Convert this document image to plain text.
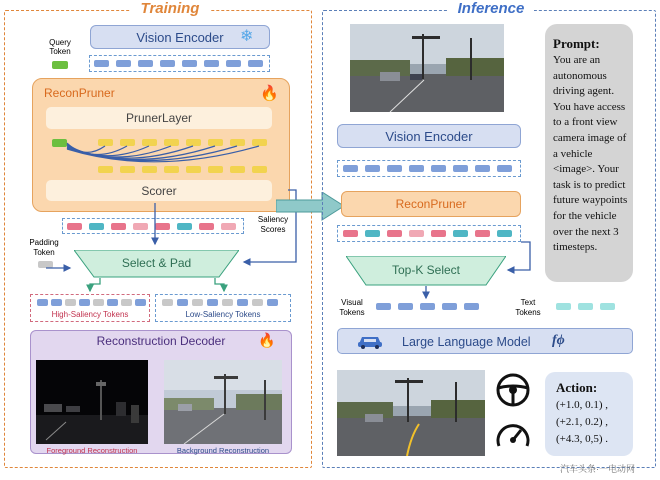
Training
Vision Encoder ❄
Query
Token
ReconPruner	🔥
PrunerLayer
Scorer
Saliency
Scores
Padding
Token
Select & Pad
High-Saliency Tokens	Low-Saliency Tokens
Reconstruction Decoder	🔥
Foreground Reconstruction	Background Reconstruction
Inference
Prompt:
You are an autonomous driving agent. You have access to a front view camera image of a vehicle <image>. Your task is to predict future waypoints for the vehicle over the next 3 timesteps.
Vision Encoder
ReconPruner
Top-K Select
Visual
Tokens
Text
Tokens
Large Language Model fϕ
Action:
(+1.0, 0.1) ,
(+2.1, 0.2) ,
(+4.3, 0,5) .
汽车头条·一电动网
